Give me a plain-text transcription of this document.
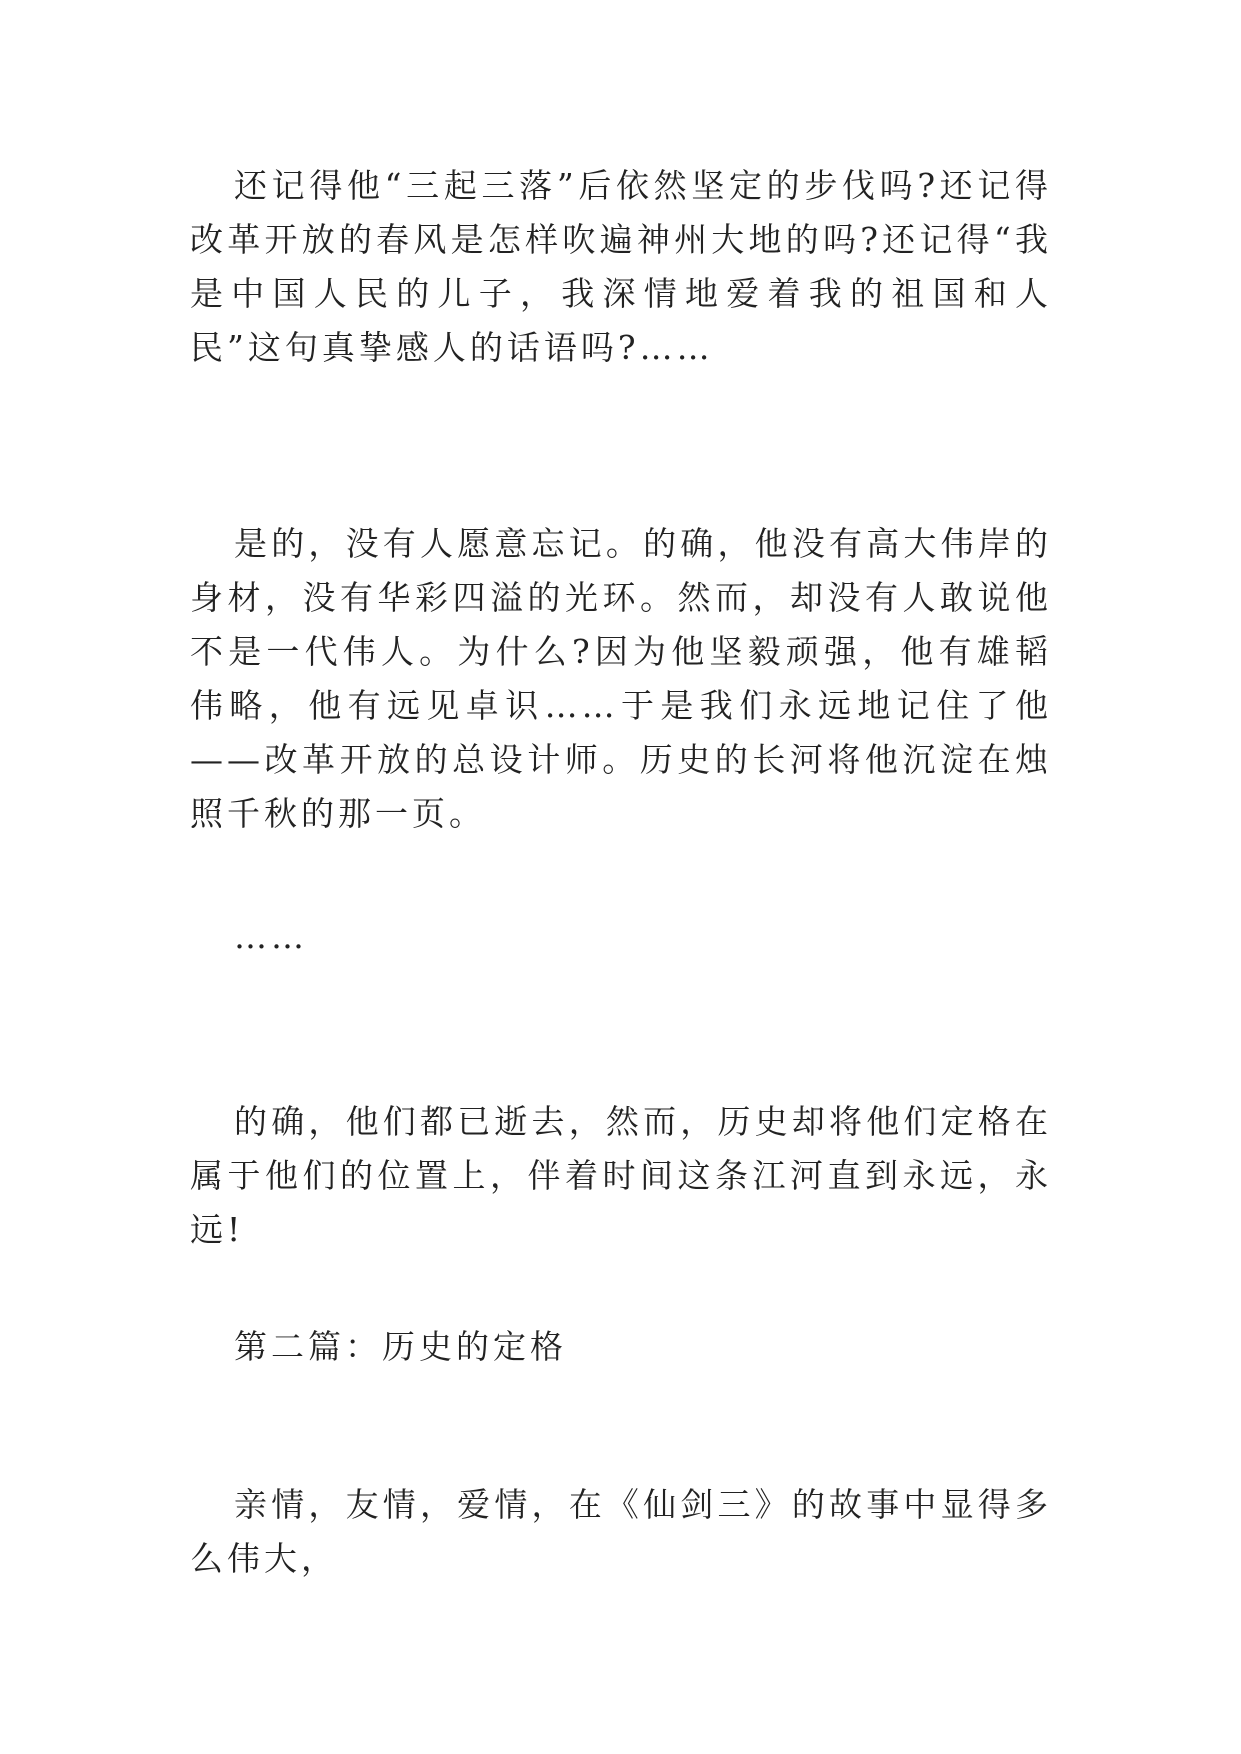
还记得他“三起三落”后依然坚定的步伐吗?还记得改革开放的春风是怎样吹遍神州大地的吗?还记得“我是中国人民的儿子，我深情地爱着我的祖国和人民”这句真挚感人的话语吗?……

是的，没有人愿意忘记。的确，他没有高大伟岸的身材，没有华彩四溢的光环。然而，却没有人敢说他不是一代伟人。为什么?因为他坚毅顽强，他有雄韬伟略，他有远见卓识……于是我们永远地记住了他——改革开放的总设计师。历史的长河将他沉淀在烛照千秋的那一页。

……

的确，他们都已逝去，然而，历史却将他们定格在属于他们的位置上，伴着时间这条江河直到永远，永远!

第二篇：历史的定格

亲情，友情，爱情，在《仙剑三》的故事中显得多么伟大，
